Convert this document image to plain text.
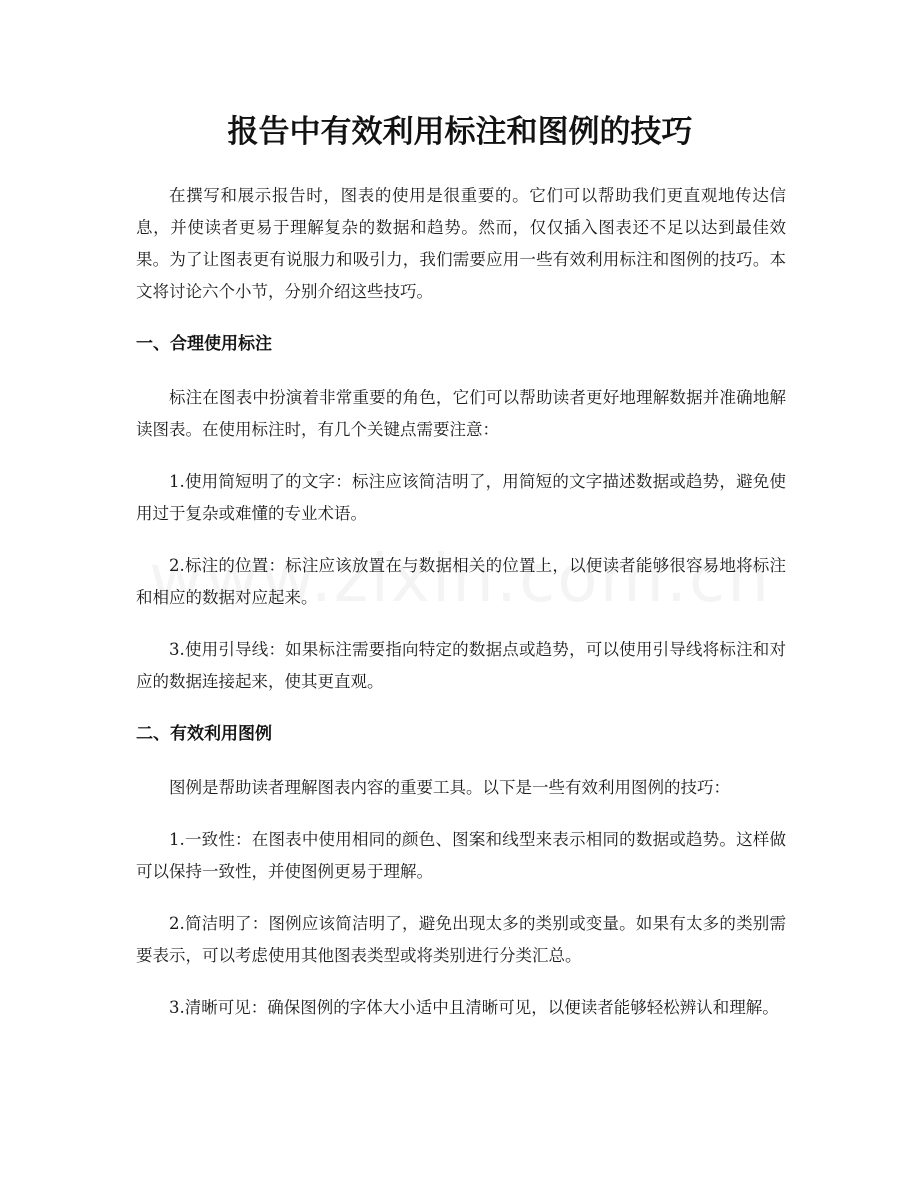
报告中有效利用标注和图例的技巧

在撰写和展示报告时，图表的使用是很重要的。它们可以帮助我们更直观地传达信息，并使读者更易于理解复杂的数据和趋势。然而，仅仅插入图表还不足以达到最佳效果。为了让图表更有说服力和吸引力，我们需要应用一些有效利用标注和图例的技巧。本文将讨论六个小节，分别介绍这些技巧。

一、合理使用标注

标注在图表中扮演着非常重要的角色，它们可以帮助读者更好地理解数据并准确地解读图表。在使用标注时，有几个关键点需要注意：

1.使用简短明了的文字：标注应该简洁明了，用简短的文字描述数据或趋势，避免使用过于复杂或难懂的专业术语。

2.标注的位置：标注应该放置在与数据相关的位置上，以便读者能够很容易地将标注和相应的数据对应起来。

3.使用引导线：如果标注需要指向特定的数据点或趋势，可以使用引导线将标注和对应的数据连接起来，使其更直观。

二、有效利用图例

图例是帮助读者理解图表内容的重要工具。以下是一些有效利用图例的技巧：

1.一致性：在图表中使用相同的颜色、图案和线型来表示相同的数据或趋势。这样做可以保持一致性，并使图例更易于理解。

2.简洁明了：图例应该简洁明了，避免出现太多的类别或变量。如果有太多的类别需要表示，可以考虑使用其他图表类型或将类别进行分类汇总。

3.清晰可见：确保图例的字体大小适中且清晰可见，以便读者能够轻松辨认和理解。
